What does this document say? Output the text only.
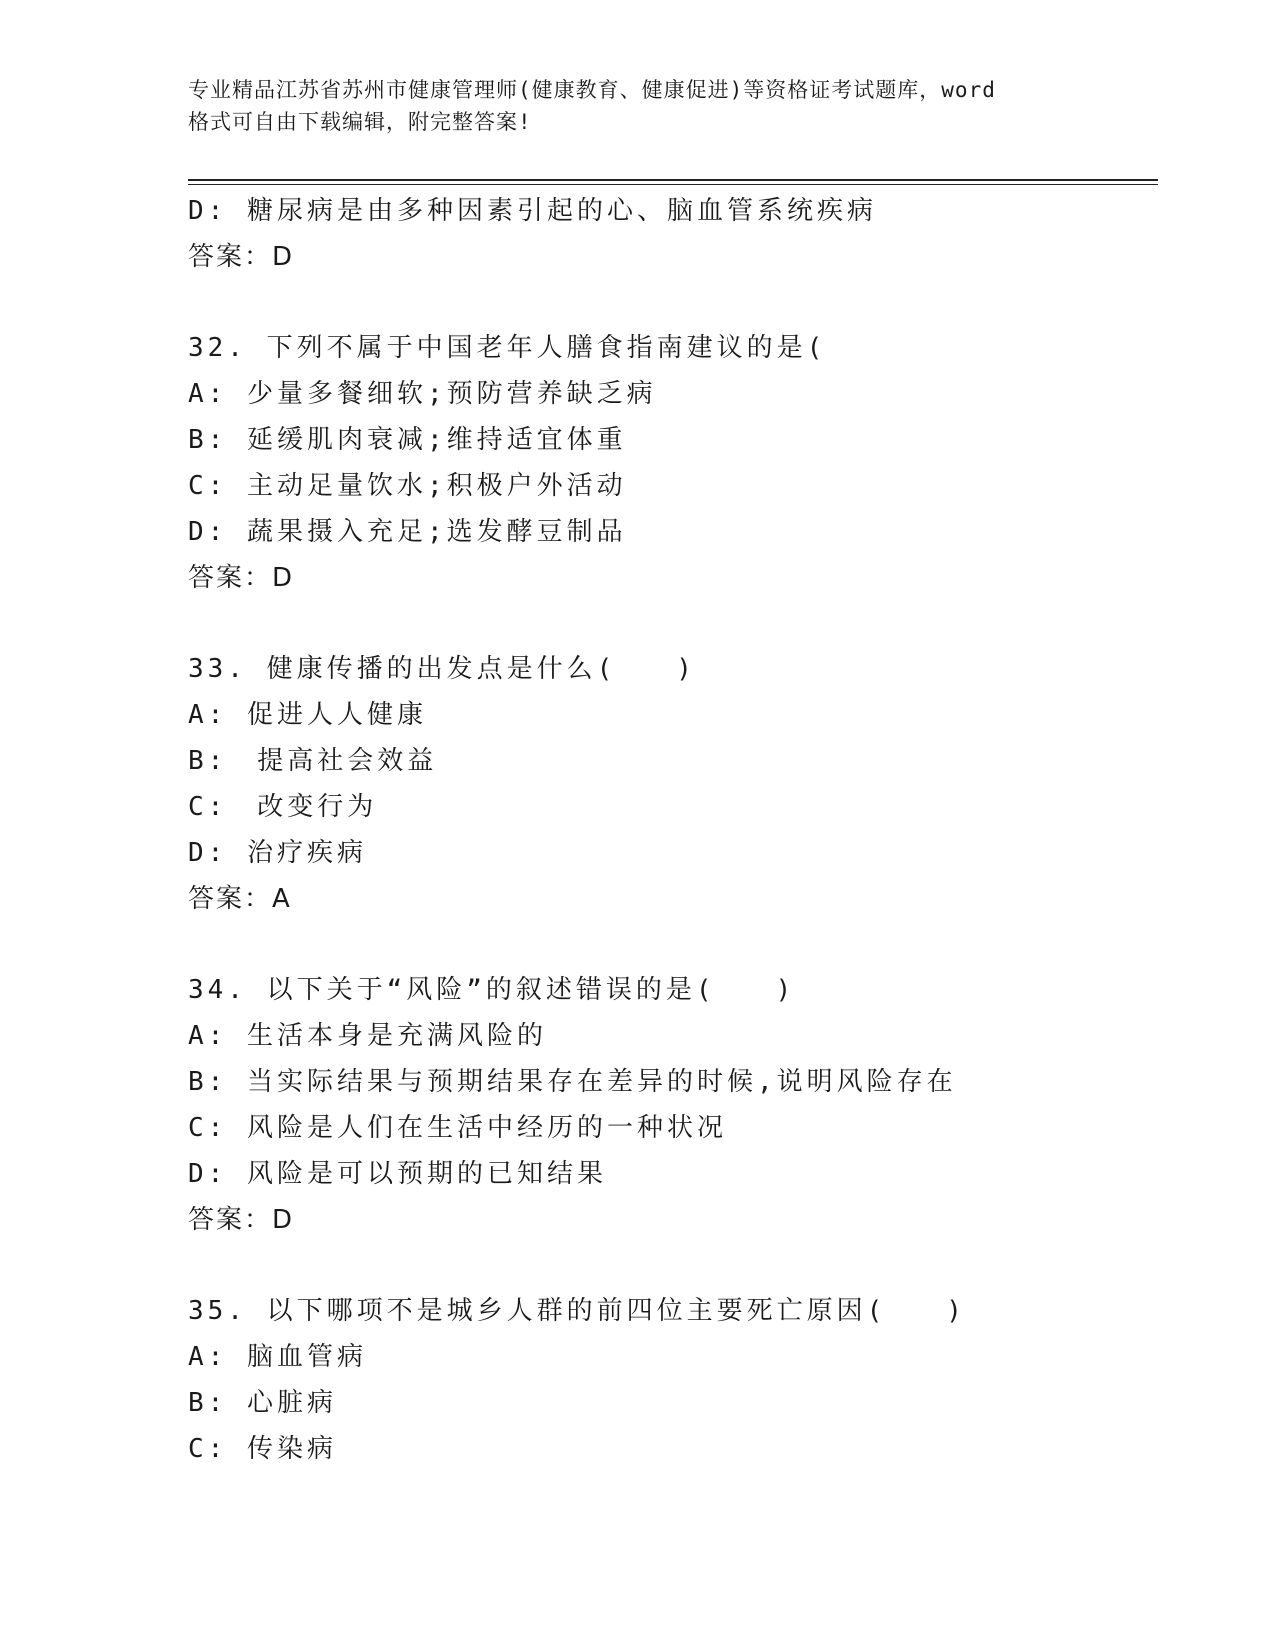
专业精品江苏省苏州市健康管理师(健康教育、健康促进)等资格证考试题库，word
格式可自由下载编辑，附完整答案!
D: 糖尿病是由多种因素引起的心、脑血管系统疾病
答案：D
32. 下列不属于中国老年人膳食指南建议的是(
A: 少量多餐细软;预防营养缺乏病
B: 延缓肌肉衰减;维持适宜体重
C: 主动足量饮水;积极户外活动
D: 蔬果摄入充足;选发酵豆制品
答案：D
33. 健康传播的出发点是什么(　　)
A: 促进人人健康
B:　提高社会效益
C:　改变行为
D: 治疗疾病
答案：A
34. 以下关于“风险”的叙述错误的是(　　)
A: 生活本身是充满风险的
B: 当实际结果与预期结果存在差异的时候,说明风险存在
C: 风险是人们在生活中经历的一种状况
D: 风险是可以预期的已知结果
答案：D
35. 以下哪项不是城乡人群的前四位主要死亡原因(　　)
A: 脑血管病
B: 心脏病
C: 传染病
